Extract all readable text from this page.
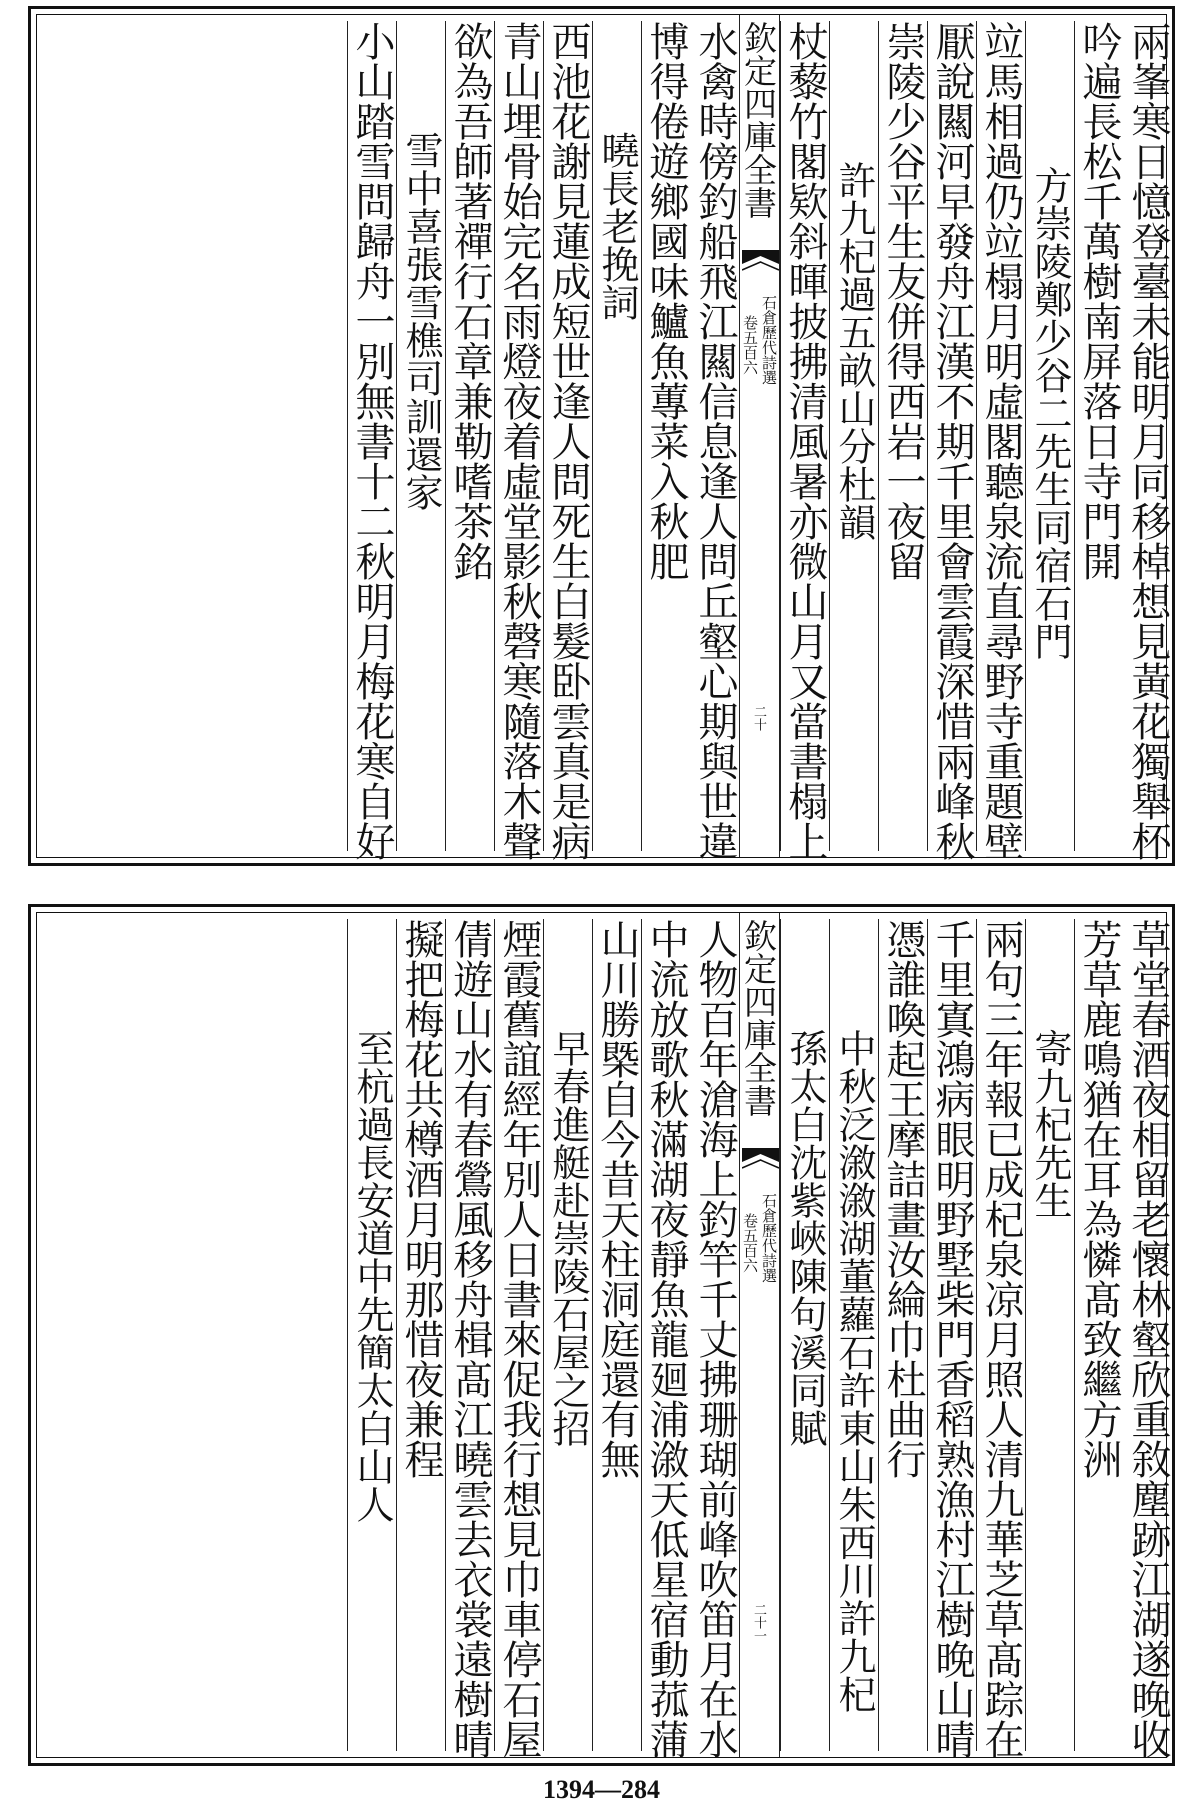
兩峯寒日憶登臺未能明月同移棹想見黃花獨舉杯
吟遍長松千萬樹南屏落日寺門開
方崇陵鄭少谷二先生同宿石門
竝馬相過仍竝榻月明虛閣聽泉流直尋野寺重題壁
厭說闗河早發舟江漢不期千里會雲霞深惜兩峰秋
崇陵少谷平生友併得西岩一夜留
許九杞過五畝山分杜韻
杖藜竹閣欵斜暉披拂清風暑亦微山月又當書榻上
欽定四庫全書
石倉歷代詩選
卷五百六
二十
水禽時傍釣船飛江闗信息逢人問丘壑心期與世違
博得倦遊鄉國味鱸魚蓴菜入秋肥
曉長老挽詞
西池花謝見蓮成短世逢人問死生白髮卧雲真是病
青山埋骨始完名雨燈夜着虛堂影秋磬寒隨落木聲
欲為吾師著禪行石章兼勒嗜茶銘
雪中喜張雪樵司訓還家
小山踏雪問歸舟一別無書十二秋明月梅花寒自好
草堂春酒夜相留老懷林壑欣重敘塵跡江湖遂晚收
芳草鹿鳴猶在耳為憐髙致繼方洲
寄九杞先生
兩句三年報已成杞泉凉月照人清九華芝草髙踪在
千里寘鴻病眼明野墅柴門香稻熟漁村江樹晚山晴
憑誰喚起王摩詰畫汝綸巾杜曲行
中秋泛漵漵湖董蘿石許東山朱西川許九杞
孫太白沈紫峽陳句溪同賦
欽定四庫全書
石倉歷代詩選
卷五百六
二十一
人物百年滄海上釣竿千丈拂珊瑚前峰吹笛月在水
中流放歌秋滿湖夜靜魚龍廻浦漵天低星宿動菰蒲
山川勝槩自今昔天柱洞庭還有無
早春進艇赴崇陵石屋之招
煙霞舊誼經年別人日書來促我行想見巾車停石屋
倩遊山水有春鶯風移舟楫髙江曉雲去衣裳遠樹晴
擬把梅花共樽酒月明那惜夜兼程
至杭過長安道中先簡太白山人
1394—284
